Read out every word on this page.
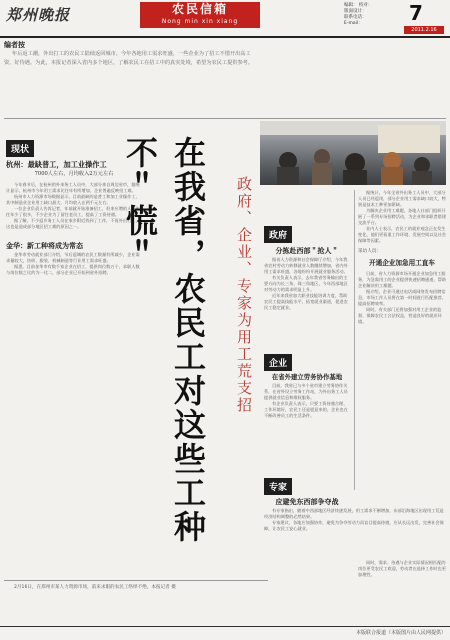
郑州晚报	农民信箱
Nong min xin xiang
编辑： 校对：
版面设计：
联系电话：
E-mail：	7
2011.2.16
编者按

年后返工潮，外出打工的农民工陆续返回城市。今年各地用工需求旺盛，一些企业为了招工不惜开出高工资、好待遇。为此，本报记者深入省内多个地区，了解农民工在招工中的真实处境，希望为农民工提供参考。

现状
杭州：最缺普工，加工业操作工
7000人左右，月均收入2万元左右

今年春节后，在杭州的外来务工人员中，大部分来自周边省市，据统计显示，杭州市今年用工需求比往年有所增加，企业普遍反映招工难。

杭州市人力资源市场数据显示，目前最缺的是普工和加工业操作工，其中制造业企业用工缺口最大，月均收入在两千元左右。

一位企业负责人告诉记者，年前就开始准备招工，但来应聘的人数比往年少了很多，不少企业为了留住老员工，提高了工资待遇。

据了解，不少返乡务工人员在家乡附近找到了工作，不再外出打工，这也是造成部分地区招工难的原因之一。

金华：新工种将成为常态

金华市劳动就业部门介绍，节后返城的农民工数量有所减少，企业需求量较大，纺织、服装、机械制造等行业用工需求旺盛。

据悉，目前金华市有数千家企业在招工，提供岗位数万个，求职人数与岗位数之比约为一比二，部分企业已开始到省外招聘。

2月16日，在郑州市某人力资源市场，前来求职的农民工络绎不绝，本报记者 摄

在我省，农民工对这些工种不＂慌＂	政府、企业、专家为用工荒支招	政府
分拣赴西部＂抢人＂

据省人力资源和社会保障厅介绍，今年我省农村劳动力转移就业人数继续增加，省内外用工需求旺盛，各地纷纷开展就业服务活动。

有关负责人表示，去年我省劳务输出的主要方向为长三角、珠三角地区，今年西部地区对劳动力的需求明显上升。

近年来我省加大职业技能培训力度，帮助农民工提高技能水平，拓宽就业渠道，促进农民工稳定就业。

企业
在省外建立劳务协作基地

目前，我省已与多个省市建立劳务协作关系，在省外设立劳务工作站，为外出务工人员提供就业信息和维权服务。

有企业负责人表示，只要工资待遇合理、工作环境好，农民工还是愿意来的，企业也在不断改善员工的生活条件。

专家
应避免东西部争夺战

有专家指出，随着中西部地区经济快速发展，用工需求不断增加，东部沿海地区出现用工荒是经济结构调整的必然结果。

专家建议，各地应加强协作，避免为争夺劳动力而盲目提高待遇，应从长远出发，完善社会保障，让农民工安心就业。

据统计，今年全省外出务工人员中，大部分人员已经返岗，部分企业用工需求缺口较大，特别是技术工种更加紧缺。

为解决企业用工难题，各地人社部门组织开展了一系列专场招聘活动，为企业和求职者搭建交流平台。

业内人士表示，农民工的就业观念正在发生变化，他们更看重工作环境、发展空间以及社会保障等因素。

采访人员：
开通企业加急用工直车

日前，省人力资源市场开通企业加急用工服务，为急需用工的企业提供快速招聘通道，帮助企业解决用工难题。

据介绍，企业可通过电话或网络发布招聘信息，市场工作人员将在第一时间进行匹配推荐，提高招聘效率。

同时，有关部门还将加强对用工企业的监督，保障农民工合法权益，营造良好的就业环境。

同时，需求、待遇与企业实际情况相匹配的岗位更受农民工欢迎，劳动者在选择工作时也更加理性。

本版联合报道（本版图片由人民网提供）
